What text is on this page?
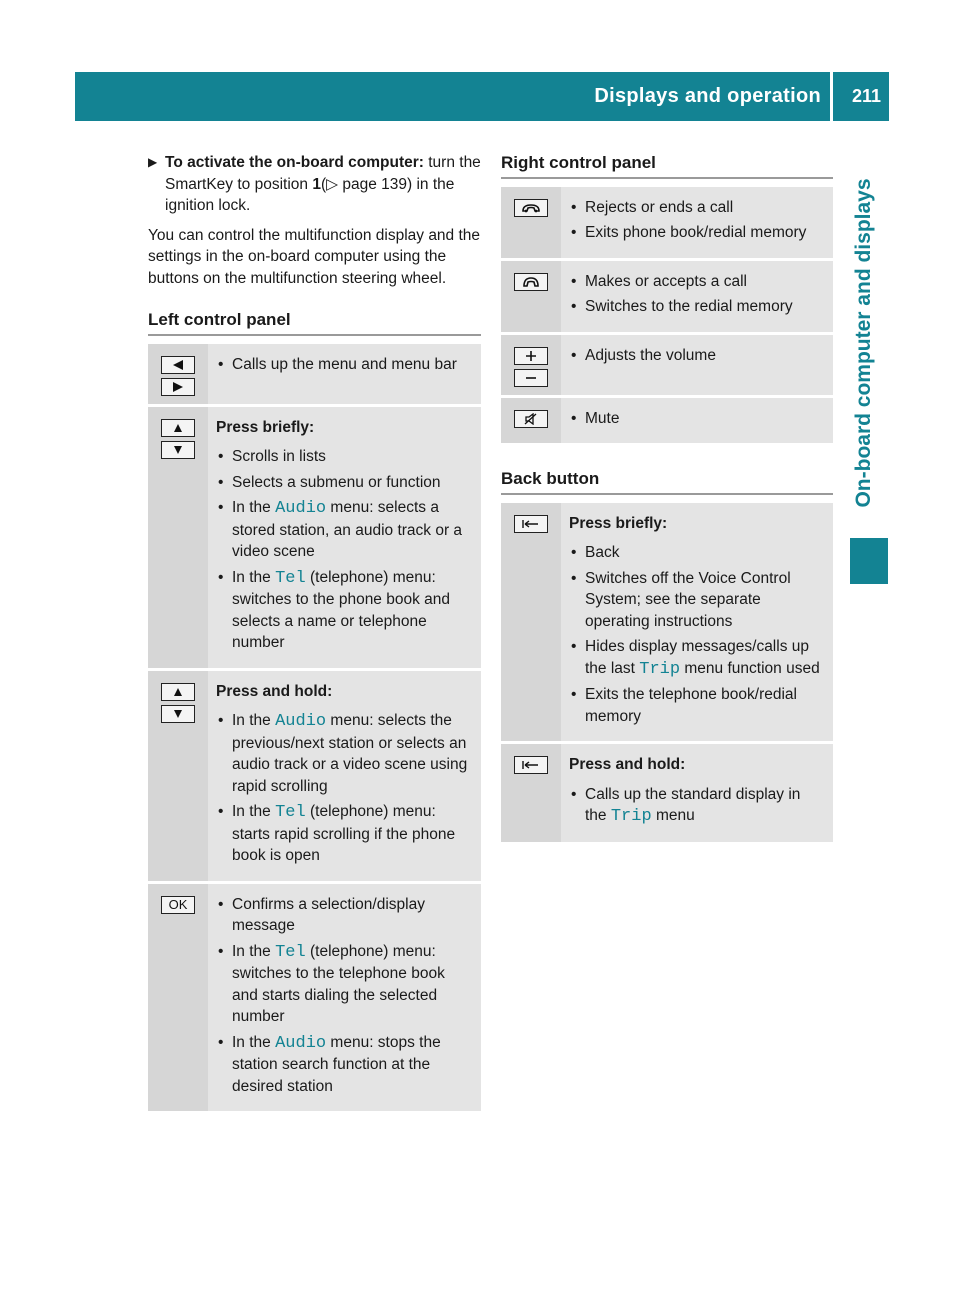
Displays and operation 211
On-board computer and displays
▶ To activate the on-board computer: turn the SmartKey to position 1(▷ page 139) in the ignition lock.

You can control the multifunction display and the settings in the on-board computer using the buttons on the multifunction steering wheel.

Left control panel
• Calls up the menu and menu bar
Press briefly:
• Scrolls in lists
• Selects a submenu or function
• In the Audio menu: selects a stored station, an audio track or a video scene
• In the Tel (telephone) menu: switches to the phone book and selects a name or telephone number
Press and hold:
• In the Audio menu: selects the previous/next station or selects an audio track or a video scene using rapid scrolling
• In the Tel (telephone) menu: starts rapid scrolling if the phone book is open
OK
•	Confirms a selection/display message
• In the Tel (telephone) menu: switches to the telephone book and starts dialing the selected number
• In the Audio menu: stops the station search function at the desired station
Right control panel
• Rejects or ends a call
• Exits phone book/redial memory
• Makes or accepts a call
• Switches to the redial memory
• Adjusts the volume
• Mute
Back button
Press briefly:
• Back
• Switches off the Voice Control System; see the separate operating instructions
• Hides display messages/calls up the last Trip menu function used
• Exits the telephone book/redial memory
Press and hold:
• Calls up the standard display in the Trip menu
